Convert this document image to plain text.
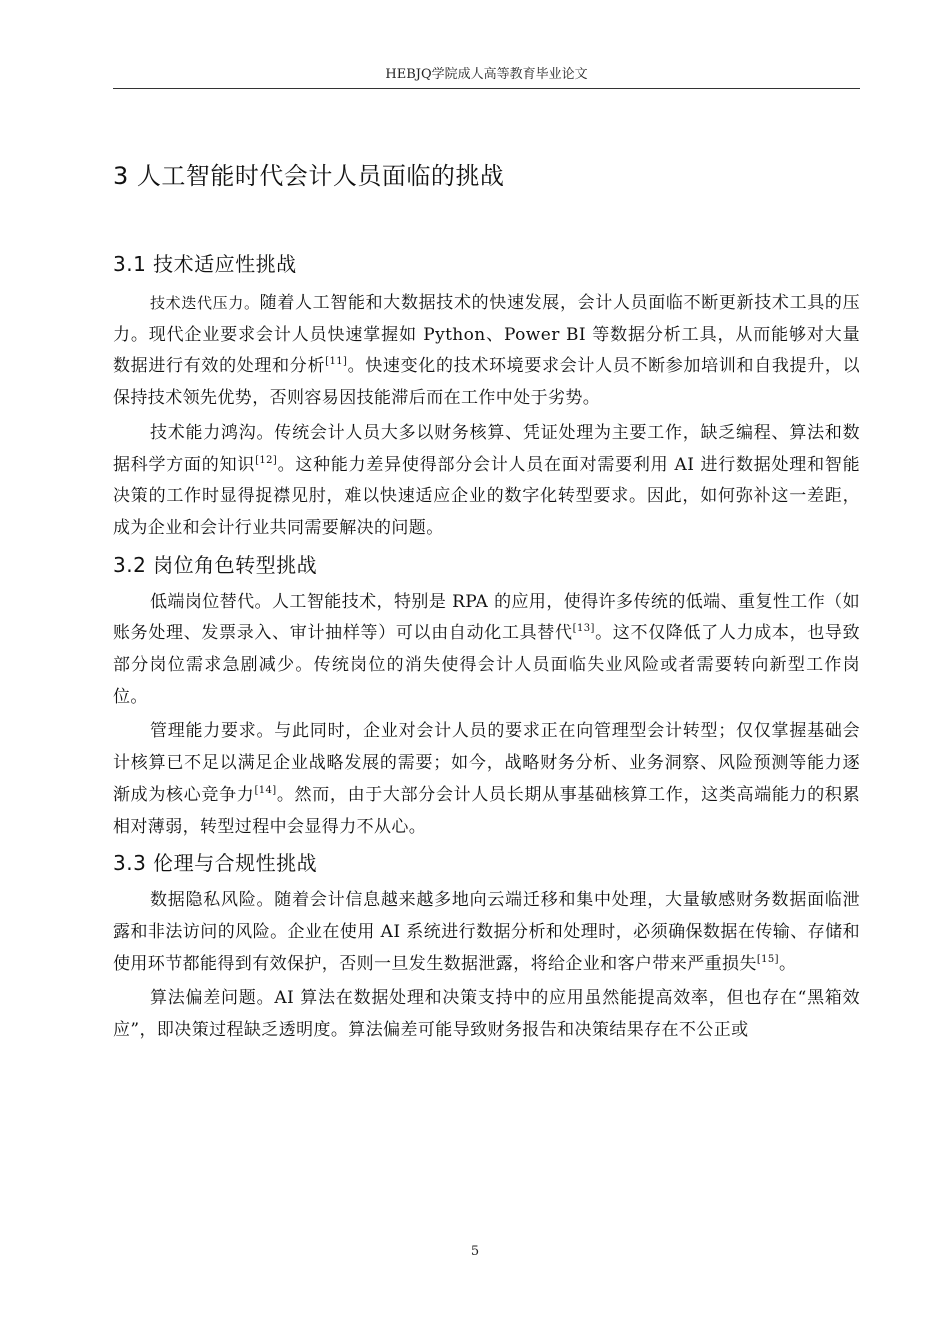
HEBJQ学院成人高等教育毕业论文
3 人工智能时代会计人员面临的挑战
3.1 技术适应性挑战

技术迭代压力。随着人工智能和大数据技术的快速发展，会计人员面临不断更新技术工具的压力。现代企业要求会计人员快速掌握如 Python、Power BI 等数据分析工具，从而能够对大量数据进行有效的处理和分析[11]。快速变化的技术环境要求会计人员不断参加培训和自我提升，以保持技术领先优势，否则容易因技能滞后而在工作中处于劣势。

技术能力鸿沟。传统会计人员大多以财务核算、凭证处理为主要工作，缺乏编程、算法和数据科学方面的知识[12]。这种能力差异使得部分会计人员在面对需要利用 AI 进行数据处理和智能决策的工作时显得捉襟见肘，难以快速适应企业的数字化转型要求。因此，如何弥补这一差距，成为企业和会计行业共同需要解决的问题。

3.2 岗位角色转型挑战

低端岗位替代。人工智能技术，特别是 RPA 的应用，使得许多传统的低端、重复性工作（如账务处理、发票录入、审计抽样等）可以由自动化工具替代[13]。这不仅降低了人力成本，也导致部分岗位需求急剧减少。传统岗位的消失使得会计人员面临失业风险或者需要转向新型工作岗位。

管理能力要求。与此同时，企业对会计人员的要求正在向管理型会计转型；仅仅掌握基础会计核算已不足以满足企业战略发展的需要；如今，战略财务分析、业务洞察、风险预测等能力逐渐成为核心竞争力[14]。然而，由于大部分会计人员长期从事基础核算工作，这类高端能力的积累相对薄弱，转型过程中会显得力不从心。

3.3 伦理与合规性挑战

数据隐私风险。随着会计信息越来越多地向云端迁移和集中处理，大量敏感财务数据面临泄露和非法访问的风险。企业在使用 AI 系统进行数据分析和处理时，必须确保数据在传输、存储和使用环节都能得到有效保护，否则一旦发生数据泄露，将给企业和客户带来严重损失[15]。

算法偏差问题。AI 算法在数据处理和决策支持中的应用虽然能提高效率，但也存在“黑箱效应”，即决策过程缺乏透明度。算法偏差可能导致财务报告和决策结果存在不公正或

5
